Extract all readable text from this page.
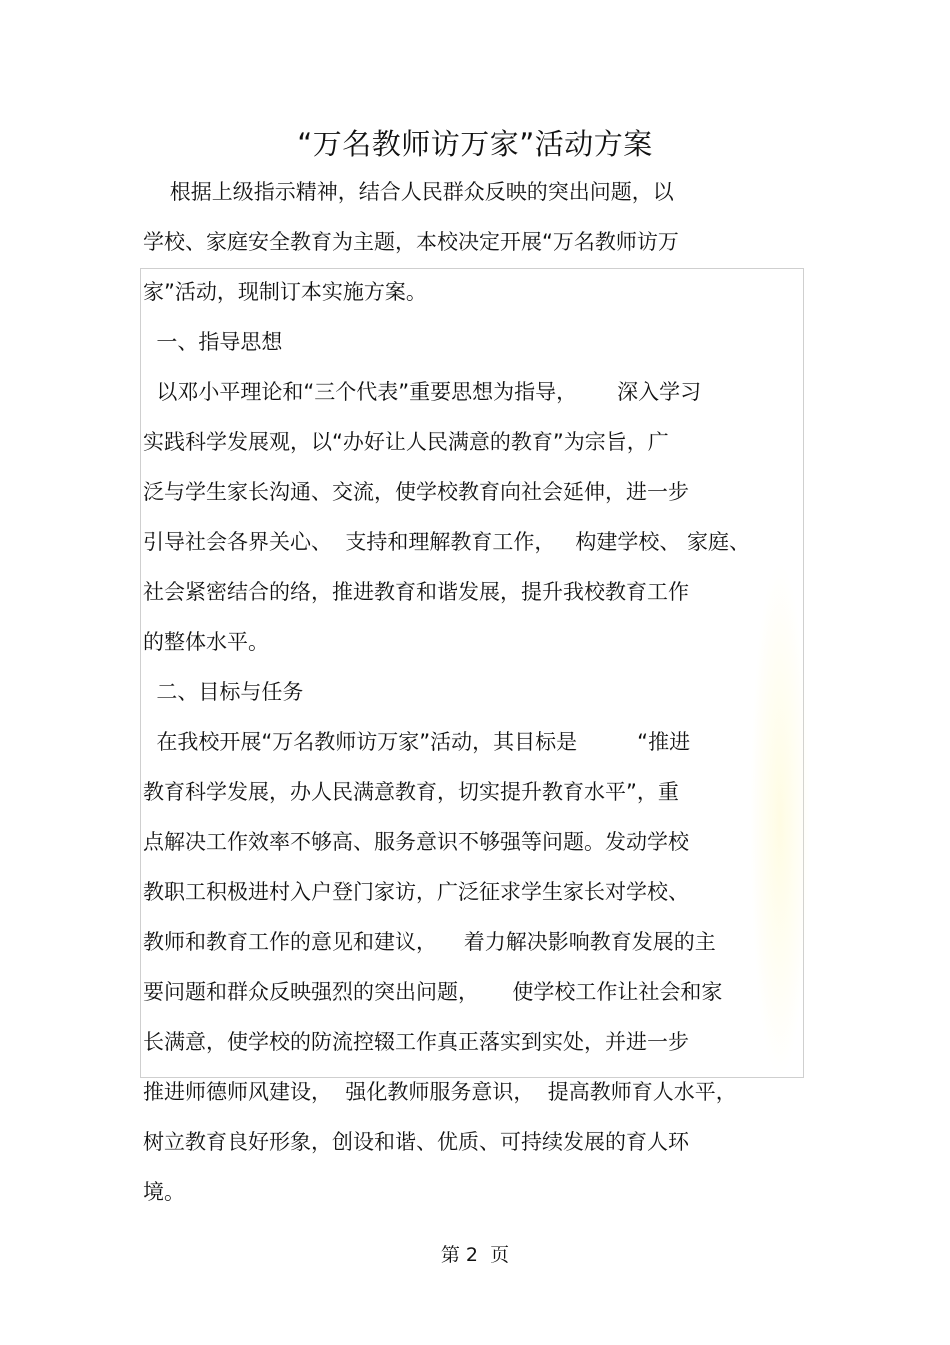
“万名教师访万家”活动方案
根据上级指示精神，结合人民群众反映的突出问题，以
学校、家庭安全教育为主题，本校决定开展“万名教师访万
家”活动，现制订本实施方案。
一、指导思想
以邓小平理论和“三个代表”重要思想为指导，      深入学习
实践科学发展观，以“办好让人民满意的教育”为宗旨，广
泛与学生家长沟通、交流，使学校教育向社会延伸，进一步
引导社会各界关心、  支持和理解教育工作，   构建学校、 家庭、
社会紧密结合的络，推进教育和谐发展，提升我校教育工作
的整体水平。
二、目标与任务
在我校开展“万名教师访万家”活动，其目标是         “推进
教育科学发展，办人民满意教育，切实提升教育水平”，重
点解决工作效率不够高、服务意识不够强等问题。发动学校
教职工积极进村入户登门家访，广泛征求学生家长对学校、
教师和教育工作的意见和建议，    着力解决影响教育发展的主
要问题和群众反映强烈的突出问题，     使学校工作让社会和家
长满意，使学校的防流控辍工作真正落实到实处，并进一步
推进师德师风建设，  强化教师服务意识，  提高教师育人水平，
树立教育良好形象，创设和谐、优质、可持续发展的育人环
境。
第 2  页
